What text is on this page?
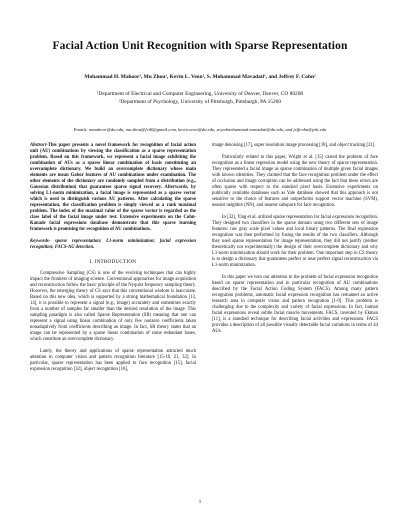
Facial Action Unit Recognition with Sparse Representation
Mohammad H. Mahoor¹, Mu Zhou¹, Kevin L. Veon¹, S. Mohammad Mavadati¹, and Jeffrey F. Cohn²
¹Department of Electrical and Computer Engineering, University of Denver, Denver, CO 80208
²Department of Psychology, University of Pittsburgh, Pittsburgh, PA 15260
Emails: mmahoor@du.edu, mu.zhou@fvill@gmail.com, kevin.veon@du.edu, seyedmohammad.mavadati@du.edu, and jeffcohn@pitt.edu

Abstract-This paper presents a novel framework for recognition of facial action unit (AU) combinations by viewing the classification as a sparse representation problem. Based on this framework, we represent a facial image exhibiting the combination of AUs as a sparse linear combination of basis constituting an overcomplete dictionary. We build an overcomplete dictionary whose main elements are mean Gabor features of AU combinations under examination. The other elements of the dictionary are randomly sampled from a distribution (e.g., Gaussian distribution) that guarantees sparse signal recovery. Afterwards, by solving L1-norm minimization, a facial image is represented as a sparse vector which is used to distinguish various AU patterns. After calculating the sparse representation, the classification problem is simply viewed as a rank maximal problem. The index of the maximal value of the sparse vector is regarded as the class label of the facial image under test. Extensive experiments on the Cohn-Kanade facial expressions database demonstrate that this sparse learning framework is promising for recognition of AU combinations.

Keywords- sparse representation; L1-norm minimization; facial expression recognition; FACS-AU detection.

I. INTRODUCTION

Compressive Sampling (CS) is one of the evolving techniques that can highly impact the frontiers of imaging science. Conventional approaches for image acquisition and reconstruction follow the basic principle of the Nyquist frequency sampling theory. However, the emerging theory of CS says that this conventional wisdom is inaccurate. Based on this new idea, which is supported by a strong mathematical foundation [13, 14], it is possible to represent a signal (e.g., image) accurately and sometimes exactly from a number of samples far smaller than the desired resolution of the image. This sampling paradigm is also called Sparse Representation (SR) meaning that one can represent a signal using linear combination of only few nonzero coefficients taken nonadaptively from coefficients describing an image. In fact, SR theory states that an image can be represented by a sparse linear combination of some redundant bases, which constitute an overcomplete dictionary.

Lately, the theory and applications of sparse representation attracted much attention in computer vision and pattern recognition literature [15-18, 21, 32]. In particular, sparse representation has been applied to face recognition [15], facial expression recognition [32], object recognition [16],

image denoising [17], super resolution image processing [18], and object tracking [21].

Particularly related to this paper, Wright et al. [15] casted the problem of face recognition as a linear regression model using the new theory of sparse representation. They represented a facial image as sparse combination of multiple given facial images with known identities. They claimed that the face recognition problem under the effect of occlusion and image corruption can be addressed using the fact that these errors are often sparse with respect to the standard pixel basis. Extensive experiments on publically available databases such as Yale database showed that this approach is not sensitive to the choice of features and outperforms support vector machine (SVM), nearest neighbor (NN), and nearest subspace for face recognition.

In [32], Ying et al. utilized sparse representation for facial expressions recognition. They designed two classifiers in the sparse domain using two different sets of image features: raw gray scale pixel values and local binary patterns. The final expression recognition was then performed by fusing the results of the two classifiers. Although they used sparse representation for image representation, they did not justify (neither theoretically nor experimentally) the design of their overcomplete dictionary and why L1-norm minimization should work for their problem. One important step in CS theory is to design a dictionary that guarantees perfect or near perfect signal reconstruction via L1-norm minimization.

In this paper we turn our attention to the problem of facial expression recognition based on sparse representation and in particular recognition of AU combinations described by the Facial Action Coding System (FACS). Among many pattern recognition problems, automatic facial expression recognition has remained an active research area in computer vision and pattern recognition [1-9]. This problem is challenging due to the complexity and variety of facial expressions. In fact, human facial expressions reveal subtle facial muscle movements. FACS, invented by Ekman [11], is a standard technique for describing facial activities and expressions. FACS provides a description of all possible visually detectable facial variations in terms of 44 AUs.

1
